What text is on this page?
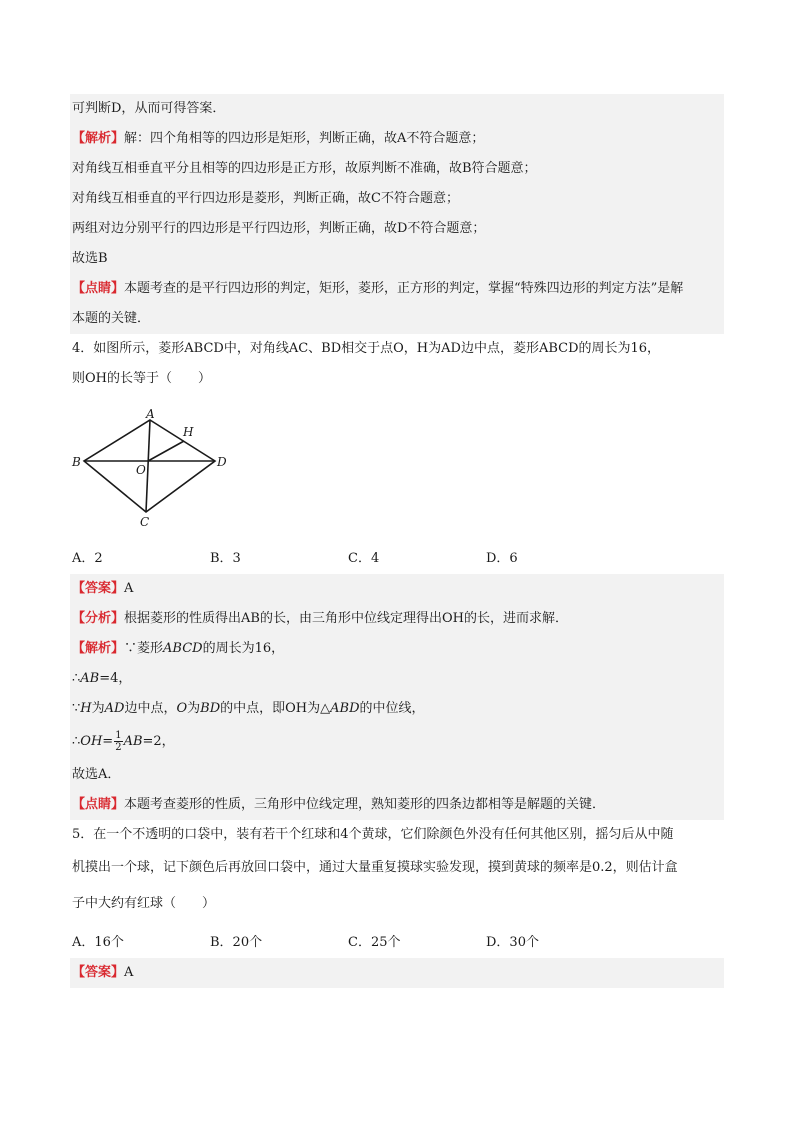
可判断D，从而可得答案．
【解析】解：四个角相等的四边形是矩形，判断正确，故A不符合题意；
对角线互相垂直平分且相等的四边形是正方形，故原判断不准确，故B符合题意；
对角线互相垂直的平行四边形是菱形，判断正确，故C不符合题意；
两组对边分别平行的四边形是平行四边形，判断正确，故D不符合题意；
故选B
【点睛】本题考查的是平行四边形的判定，矩形，菱形，正方形的判定，掌握“特殊四边形的判定方法”是解
本题的关键．
4．如图所示，菱形ABCD中，对角线AC、BD相交于点O，H为AD边中点，菱形ABCD的周长为16，
则OH的长等于（　　）
A
B
C
D
O
H
A．2	B．3	C．4	D．6
【答案】A
【分析】根据菱形的性质得出AB的长，由三角形中位线定理得出OH的长，进而求解．
【解析】∵菱形ABCD的周长为16，
∴AB=4，
∵H为AD边中点，O为BD的中点，即OH为△ABD的中位线，
∴OH= $\frac{1}{2} AB=2$，
故选A．
【点睛】本题考查菱形的性质，三角形中位线定理，熟知菱形的四条边都相等是解题的关键．
5．在一个不透明的口袋中，装有若干个红球和4个黄球，它们除颜色外没有任何其他区别，摇匀后从中随
机摸出一个球，记下颜色后再放回口袋中，通过大量重复摸球实验发现，摸到黄球的频率是0.2，则估计盒
子中大约有红球（　　）
A．16个	B．20个	C．25个	D．30个
【答案】A
